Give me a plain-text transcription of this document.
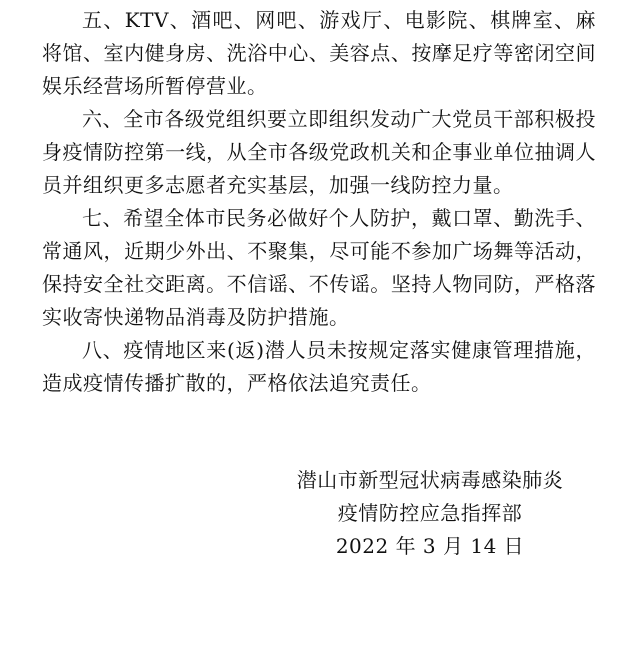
五、KTV、酒吧、网吧、游戏厅、电影院、棋牌室、麻将馆、室内健身房、洗浴中心、美容点、按摩足疗等密闭空间娱乐经营场所暂停营业。

六、全市各级党组织要立即组织发动广大党员干部积极投身疫情防控第一线，从全市各级党政机关和企事业单位抽调人员并组织更多志愿者充实基层，加强一线防控力量。

七、希望全体市民务必做好个人防护，戴口罩、勤洗手、常通风，近期少外出、不聚集，尽可能不参加广场舞等活动，保持安全社交距离。不信谣、不传谣。坚持人物同防，严格落实收寄快递物品消毒及防护措施。

八、疫情地区来(返)潜人员未按规定落实健康管理措施，造成疫情传播扩散的，严格依法追究责任。

潜山市新型冠状病毒感染肺炎
疫情防控应急指挥部
2022 年 3 月 14 日
